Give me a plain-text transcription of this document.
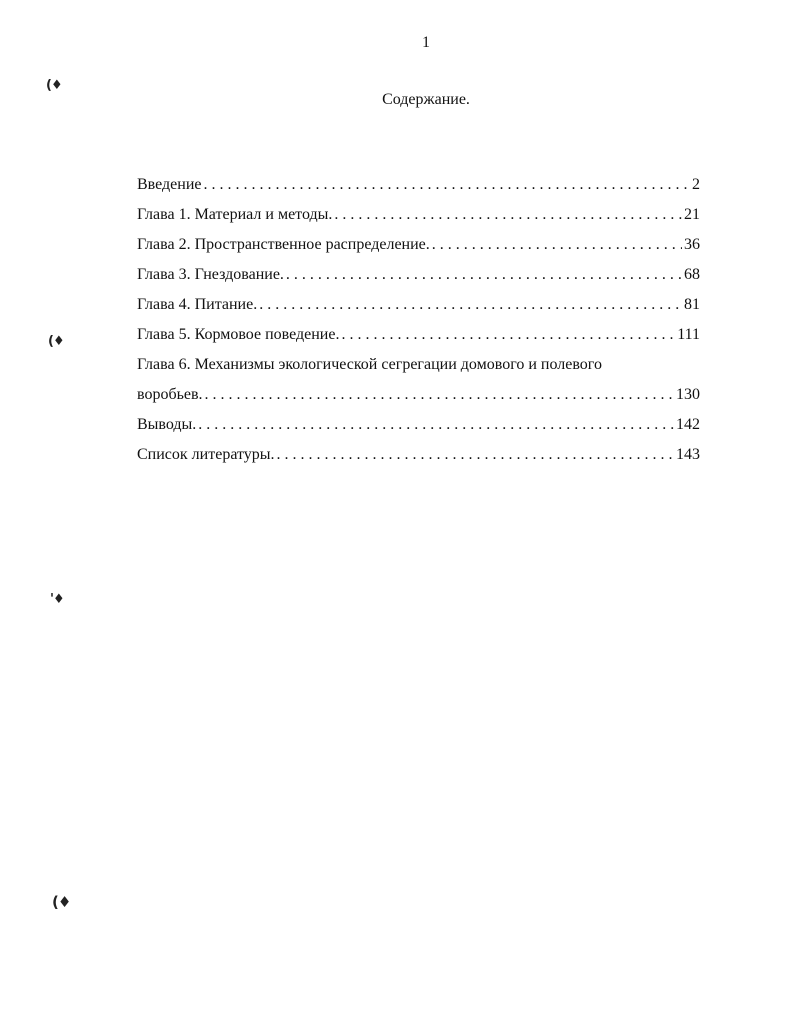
1
Содержание.
Введение . . .	2
Глава 1. Материал и методы. . . .	21
Глава 2. Пространственное распределение. . . .	36
Глава 3. Гнездование. . . .	68
Глава 4. Питание. . . .	81
Глава 5. Кормовое поведение. . . .	111
Глава 6. Механизмы экологической сегрегации домового и полевого
воробьев. . . .	130
Выводы. . . .	142
Список литературы. . . .	143
(♦
(♦
'♦
(♦
